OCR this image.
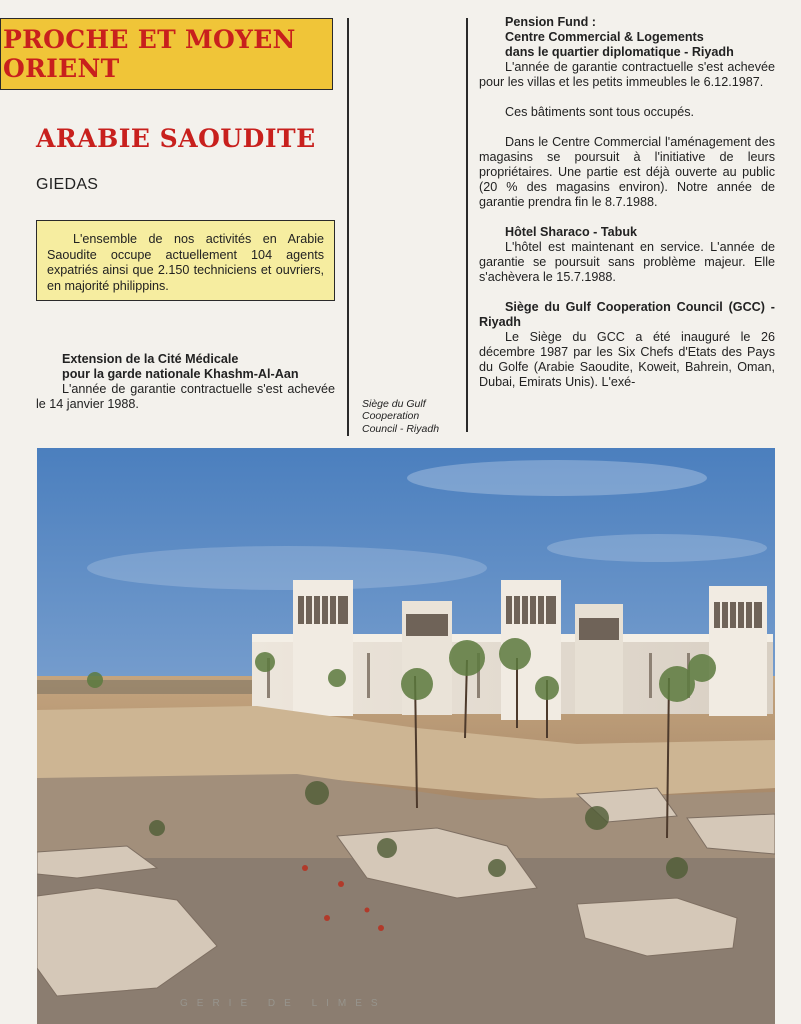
PROCHE ET MOYEN
ORIENT
ARABIE SAOUDITE
GIEDAS
L'ensemble de nos activités en Arabie Saoudite occupe actuellement 104 agents expatriés ainsi que 2.150 techniciens et ouvriers, en majorité philippins.

Extension de la Cité Médicale

pour la garde nationale Khashm-Al-Aan

L'année de garantie contractuelle s'est achevée le 14 janvier 1988.	Siège du Gulf
Cooperation
Council - Riyadh

Pension Fund :

Centre Commercial & Logements

dans le quartier diplomatique - Riyadh

L'année de garantie contractuelle s'est achevée pour les villas et les petits immeubles le 6.12.1987.

Ces bâtiments sont tous occupés.

Dans le Centre Commercial l'aménagement des magasins se poursuit à l'initiative de leurs propriétaires. Une partie est déjà ouverte au public (20 % des magasins environ). Notre année de garantie prendra fin le 8.7.1988.

Hôtel Sharaco - Tabuk

L'hôtel est maintenant en service. L'année de garantie se poursuit sans problème majeur. Elle s'achèvera le 15.7.1988.

Siège du Gulf Cooperation Council (GCC) - Riyadh

Le Siège du GCC a été inauguré le 26 décembre 1987 par les Six Chefs d'Etats des Pays du Golfe (Arabie Saoudite, Koweit, Bahrein, Oman, Dubai, Emirats Unis). L'exé-

GERIE DE LIMES
